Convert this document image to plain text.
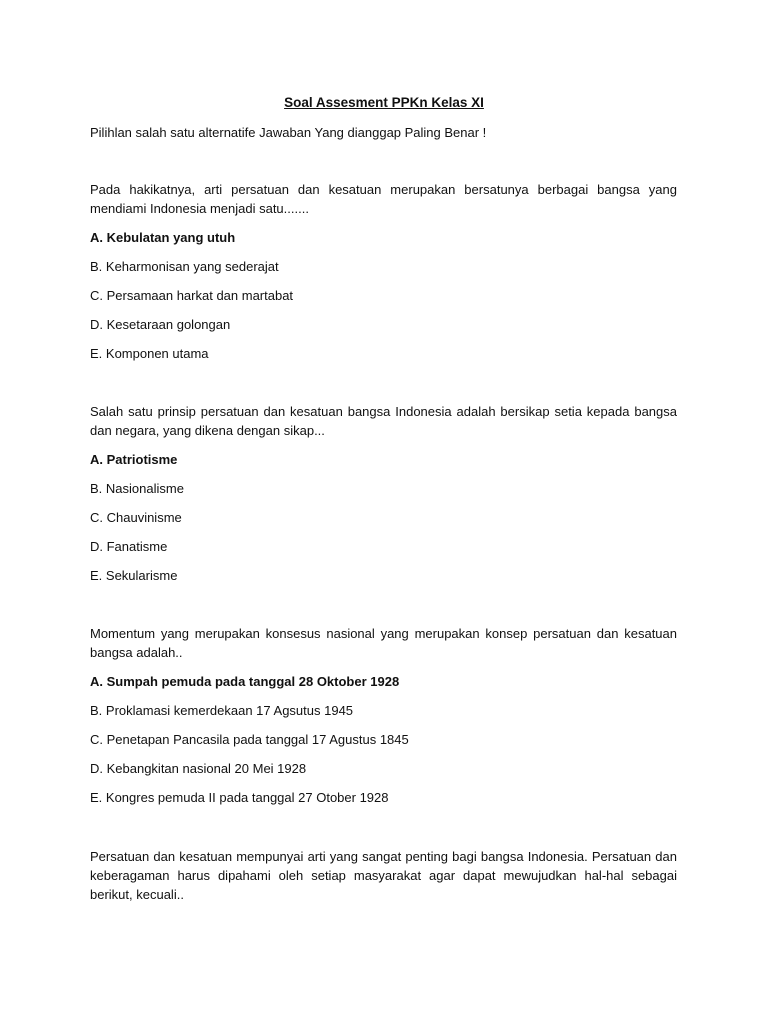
Soal Assesment PPKn Kelas XI
Pilihlan salah satu alternatife Jawaban Yang dianggap Paling Benar !
Pada hakikatnya, arti persatuan dan kesatuan merupakan bersatunya berbagai bangsa yang mendiami Indonesia menjadi satu.......
A. Kebulatan yang utuh
B. Keharmonisan yang sederajat
C. Persamaan harkat dan martabat
D. Kesetaraan golongan
E. Komponen utama
Salah satu prinsip persatuan dan kesatuan bangsa Indonesia adalah bersikap setia kepada bangsa dan negara, yang dikena dengan sikap...
A. Patriotisme
B. Nasionalisme
C. Chauvinisme
D. Fanatisme
E. Sekularisme
Momentum yang merupakan konsesus nasional yang merupakan konsep persatuan dan kesatuan bangsa adalah..
A. Sumpah pemuda pada tanggal 28 Oktober 1928
B. Proklamasi kemerdekaan 17 Agsutus 1945
C. Penetapan Pancasila pada tanggal 17 Agustus 1845
D. Kebangkitan nasional 20 Mei 1928
E. Kongres pemuda II pada tanggal 27 Otober 1928
Persatuan dan kesatuan mempunyai arti yang sangat penting bagi bangsa Indonesia. Persatuan dan keberagaman harus dipahami oleh setiap masyarakat agar dapat mewujudkan hal-hal sebagai berikut, kecuali..
